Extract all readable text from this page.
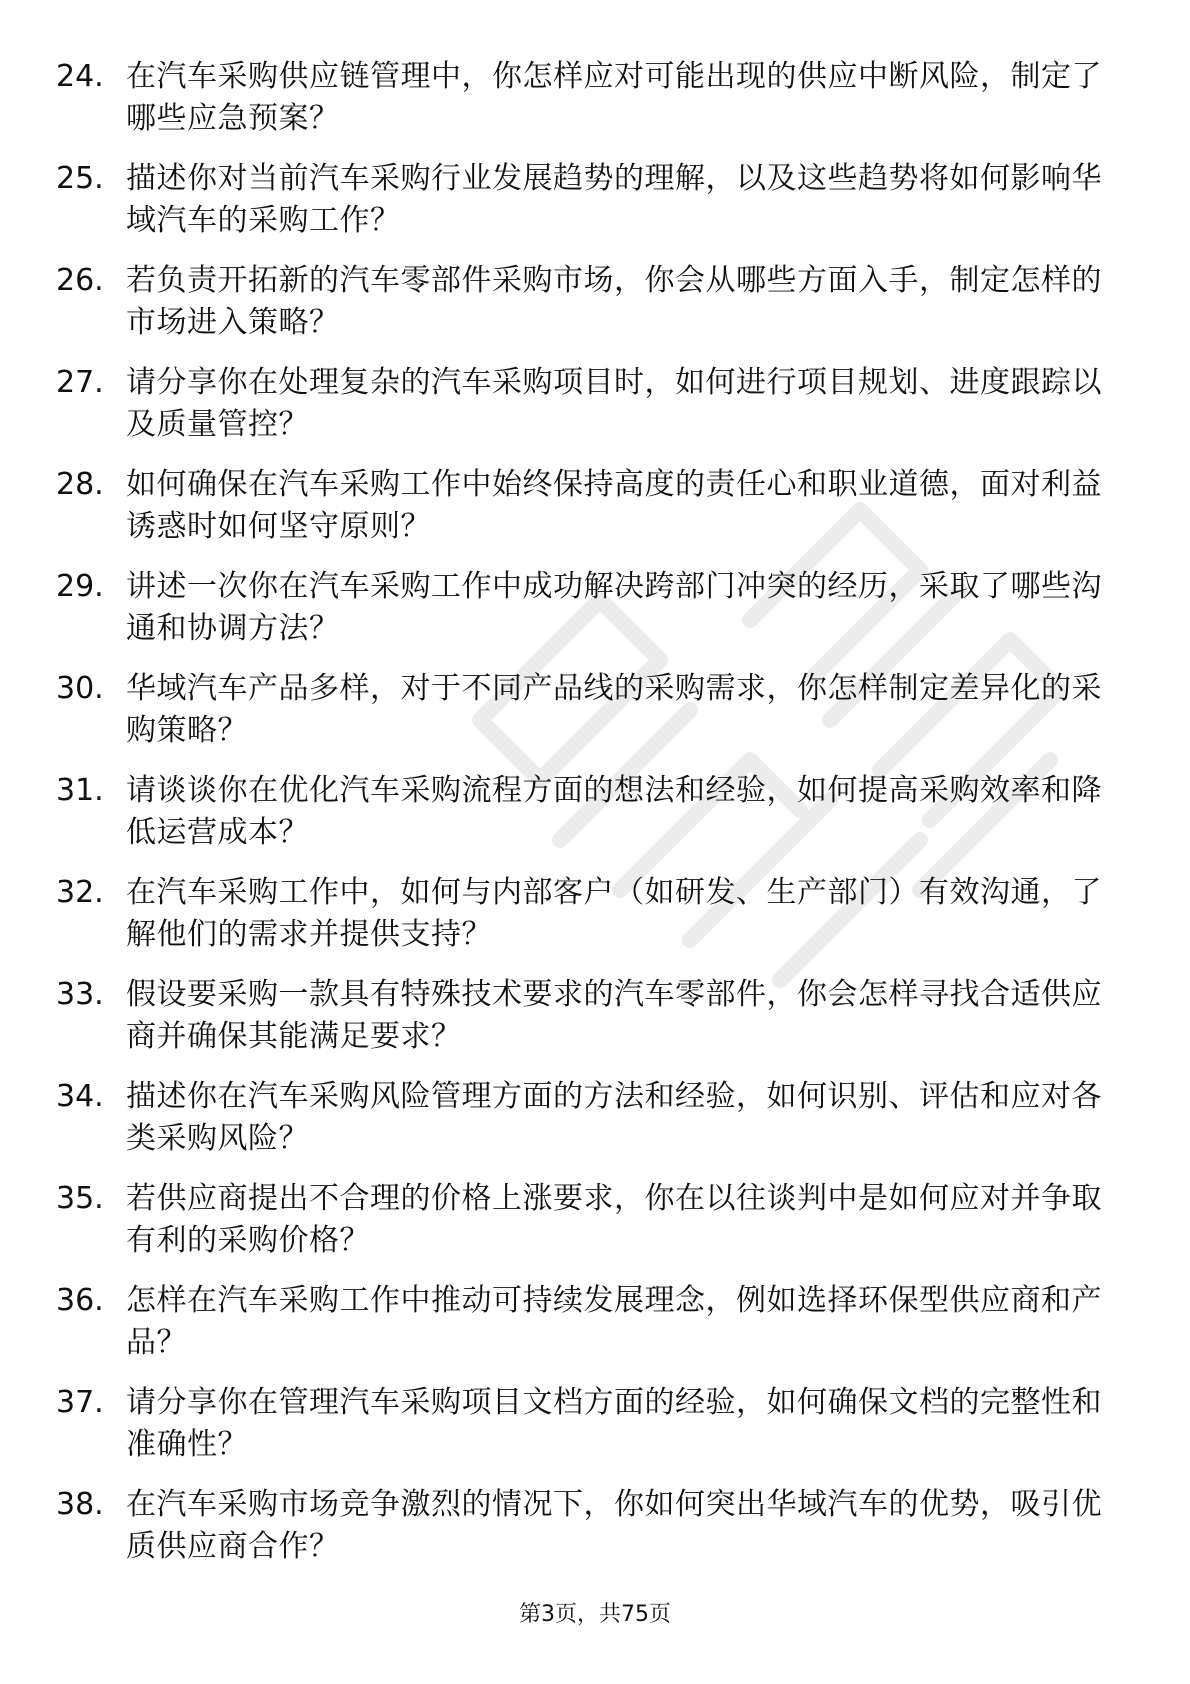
24. 在汽车采购供应链管理中，你怎样应对可能出现的供应中断风险，制定了哪些应急预案？
25. 描述你对当前汽车采购行业发展趋势的理解，以及这些趋势将如何影响华域汽车的采购工作？
26. 若负责开拓新的汽车零部件采购市场，你会从哪些方面入手，制定怎样的市场进入策略？
27. 请分享你在处理复杂的汽车采购项目时，如何进行项目规划、进度跟踪以及质量管控？
28. 如何确保在汽车采购工作中始终保持高度的责任心和职业道德，面对利益诱惑时如何坚守原则？
29. 讲述一次你在汽车采购工作中成功解决跨部门冲突的经历，采取了哪些沟通和协调方法？
30. 华域汽车产品多样，对于不同产品线的采购需求，你怎样制定差异化的采购策略？
31. 请谈谈你在优化汽车采购流程方面的想法和经验，如何提高采购效率和降低运营成本？
32. 在汽车采购工作中，如何与内部客户（如研发、生产部门）有效沟通，了解他们的需求并提供支持？
33. 假设要采购一款具有特殊技术要求的汽车零部件，你会怎样寻找合适供应商并确保其能满足要求？
34. 描述你在汽车采购风险管理方面的方法和经验，如何识别、评估和应对各类采购风险？
35. 若供应商提出不合理的价格上涨要求，你在以往谈判中是如何应对并争取有利的采购价格？
36. 怎样在汽车采购工作中推动可持续发展理念，例如选择环保型供应商和产品？
37. 请分享你在管理汽车采购项目文档方面的经验，如何确保文档的完整性和准确性？
38. 在汽车采购市场竞争激烈的情况下，你如何突出华域汽车的优势，吸引优质供应商合作？
第3页，共75页
